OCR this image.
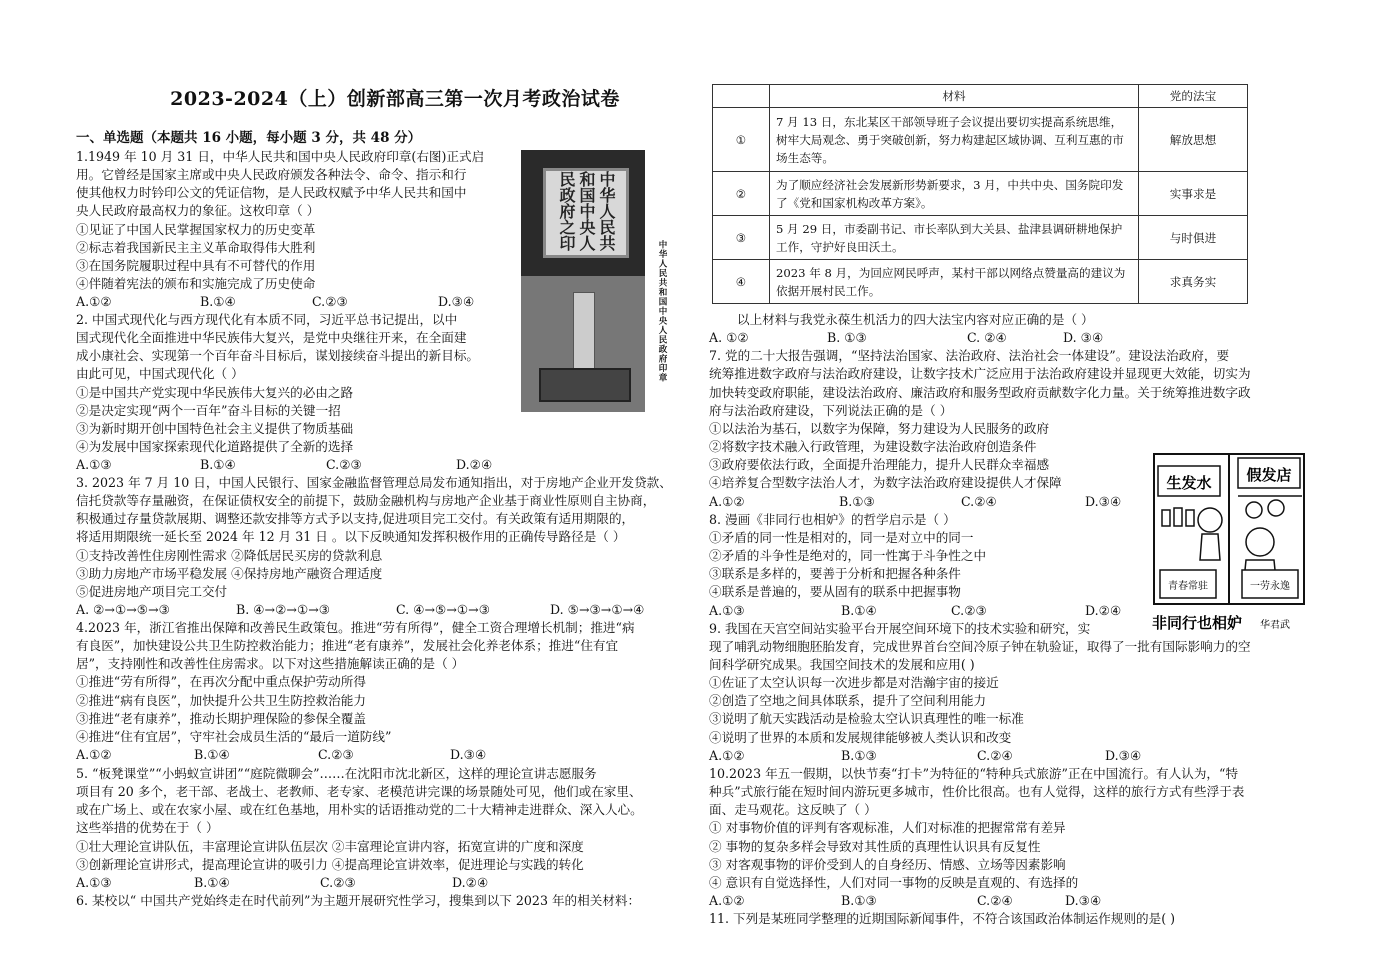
2023-2024（上）创新部高三第一次月考政治试卷
一、单选题（本题共 16 小题，每小题 3 分，共 48 分）
1.1949 年 10 月 31 日，中华人民共和国中央人民政府印章(右图)正式启
用。它曾经是国家主席或中央人民政府颁发各种法令、命令、指示和行
使其他权力时钤印公文的凭证信物，是人民政权赋予中华人民共和国中
央人民政府最高权力的象征。这枚印章（ ）
①见证了中国人民掌握国家权力的历史变革
②标志着我国新民主主义革命取得伟大胜利
③在国务院履职过程中具有不可替代的作用
④伴随着宪法的颁布和实施完成了历史使命
A.①②	B.①④	C.②③	D.③④
中华人民共
和国中央人
民政府之印
中华人民共和国中央人民政府印章
2. 中国式现代化与西方现代化有本质不同，习近平总书记提出，以中
国式现代化全面推进中华民族伟大复兴，是党中央继往开来，在全面建
成小康社会、实现第一个百年奋斗目标后，谋划接续奋斗提出的新目标。
由此可见，中国式现代化（ ）
①是中国共产党实现中华民族伟大复兴的必由之路
②是决定实现“两个一百年”奋斗目标的关键一招
③为新时期开创中国特色社会主义提供了物质基础
④为发展中国家探索现代化道路提供了全新的选择
A.①③	B.①④	C.②③	D.②④
3. 2023 年 7 月 10 日，中国人民银行、国家金融监督管理总局发布通知指出，对于房地产企业开发贷款、
信托贷款等存量融资，在保证债权安全的前提下，鼓励金融机构与房地产企业基于商业性原则自主协商，
积极通过存量贷款展期、调整还款安排等方式予以支持,促进项目完工交付。有关政策有适用期限的，
将适用期限统一延长至 2024 年 12 月 31 日 。以下反映通知发挥积极作用的正确传导路径是（ ）
①支持改善性住房刚性需求 ②降低居民买房的贷款利息
③助力房地产市场平稳发展 ④保持房地产融资合理适度
⑤促进房地产项目完工交付
A. ②→①→⑤→③	B. ④→②→①→③	C. ④→⑤→①→③	D. ⑤→③→①→④
4.2023 年，浙江省推出保障和改善民生政策包。推进“劳有所得”，健全工资合理增长机制；推进“病
有良医”，加快建设公共卫生防控救治能力；推进“老有康养”，发展社会化养老体系；推进“住有宜
居”，支持刚性和改善性住房需求。以下对这些措施解读正确的是（ ）
①推进“劳有所得”，在再次分配中重点保护劳动所得
②推进“病有良医”，加快提升公共卫生防控救治能力
③推进“老有康养”，推动长期护理保险的参保全覆盖
④推进“住有宜居”，守牢社会成员生活的“最后一道防线”
A.①②	B.①④	C.②③	D.③④
5. “板凳课堂”“小蚂蚁宣讲团”“庭院微聊会”……在沈阳市沈北新区，这样的理论宣讲志愿服务
项目有 20 多个，老干部、老战士、老教师、老专家、老模范讲完课的场景随处可见，他们或在家里、
或在广场上、或在农家小屋、或在红色基地，用朴实的话语推动党的二十大精神走进群众、深入人心。
这些举措的优势在于（ ）
①壮大理论宣讲队伍，丰富理论宣讲队伍层次 ②丰富理论宣讲内容，拓宽宣讲的广度和深度
③创新理论宣讲形式，提高理论宣讲的吸引力 ④提高理论宣讲效率，促进理论与实践的转化
A.①③	B.①④	C.②③	D.②④
6. 某校以“ 中国共产党始终走在时代前列”为主题开展研究性学习，搜集到以下 2023 年的相关材料：
	材料	党的法宝
①	7 月 13 日，东北某区干部领导班子会议提出要切实提高系统思维，树牢大局观念、勇于突破创新，努力构建起区域协调、互利互惠的市场生态等。	解放思想
②	为了顺应经济社会发展新形势新要求，3 月，中共中央、国务院印发了《党和国家机构改革方案》。	实事求是
③	5 月 29 日，市委副书记、市长率队到大关县、盐津县调研耕地保护工作，守护好良田沃土。	与时俱进
④	2023 年 8 月，为回应网民呼声，某村干部以网络点赞量高的建议为依据开展村民工作。	求真务实
以上材料与我党永葆生机活力的四大法宝内容对应正确的是（ ）
A. ①②	B. ①③	C. ②④	D. ③④
7. 党的二十大报告强调，“坚持法治国家、法治政府、法治社会一体建设”。建设法治政府，要
统筹推进数字政府与法治政府建设，让数字技术广泛应用于法治政府建设并显现更大效能，切实为
加快转变政府职能，建设法治政府、廉洁政府和服务型政府贡献数字化力量。关于统筹推进数字政
府与法治政府建设，下列说法正确的是（ ）
①以法治为基石，以数字为保障，努力建设为人民服务的政府
②将数字技术融入行政管理，为建设数字法治政府创造条件
③政府要依法行政，全面提升治理能力，提升人民群众幸福感
④培养复合型数字法治人才，为数字法治政府建设提供人才保障
A.①②	B.①③	C.②④	D.③④
8. 漫画《非同行也相妒》的哲学启示是（ ）
①矛盾的同一性是相对的，同一是对立中的同一
②矛盾的斗争性是绝对的，同一性寓于斗争性之中
③联系是多样的，要善于分析和把握各种条件
④联系是普遍的，要从固有的联系中把握事物
A.①③	B.①④	C.②③	D.②④
9. 我国在天宫空间站实验平台开展空间环境下的技术实验和研究，实
现了哺乳动物细胞胚胎发育，完成世界首台空间冷原子钟在轨验证，取得了一批有国际影响力的空
间科学研究成果。我国空间技术的发展和应用( )
①佐证了太空认识每一次进步都是对浩瀚宇宙的接近
②创造了空地之间具体联系，提升了空间利用能力
③说明了航天实践活动是检验太空认识真理性的唯一标准
④说明了世界的本质和发展规律能够被人类认识和改变
A.①②	B.①③	C.②④	D.③④
10.2023 年五一假期，以快节奏“打卡”为特征的“特种兵式旅游”正在中国流行。有人认为，“特
种兵”式旅行能在短时间内游玩更多城市，性价比很高。也有人觉得，这样的旅行方式有些浮于表
面、走马观花。这反映了（ ）
① 对事物价值的评判有客观标准，人们对标准的把握常常有差异
② 事物的复杂多样会导致对其性质的真理性认识具有反复性
③ 对客观事物的评价受到人的自身经历、情感、立场等因素影响
④ 意识有自觉选择性，人们对同一事物的反映是直观的、有选择的
A.①②	B.①③	C.②④	D.③④
11. 下列是某班同学整理的近期国际新闻事件，不符合该国政治体制运作规则的是( )
生发水 假发店
青春常驻	一劳永逸
非同行也相妒 华君武
